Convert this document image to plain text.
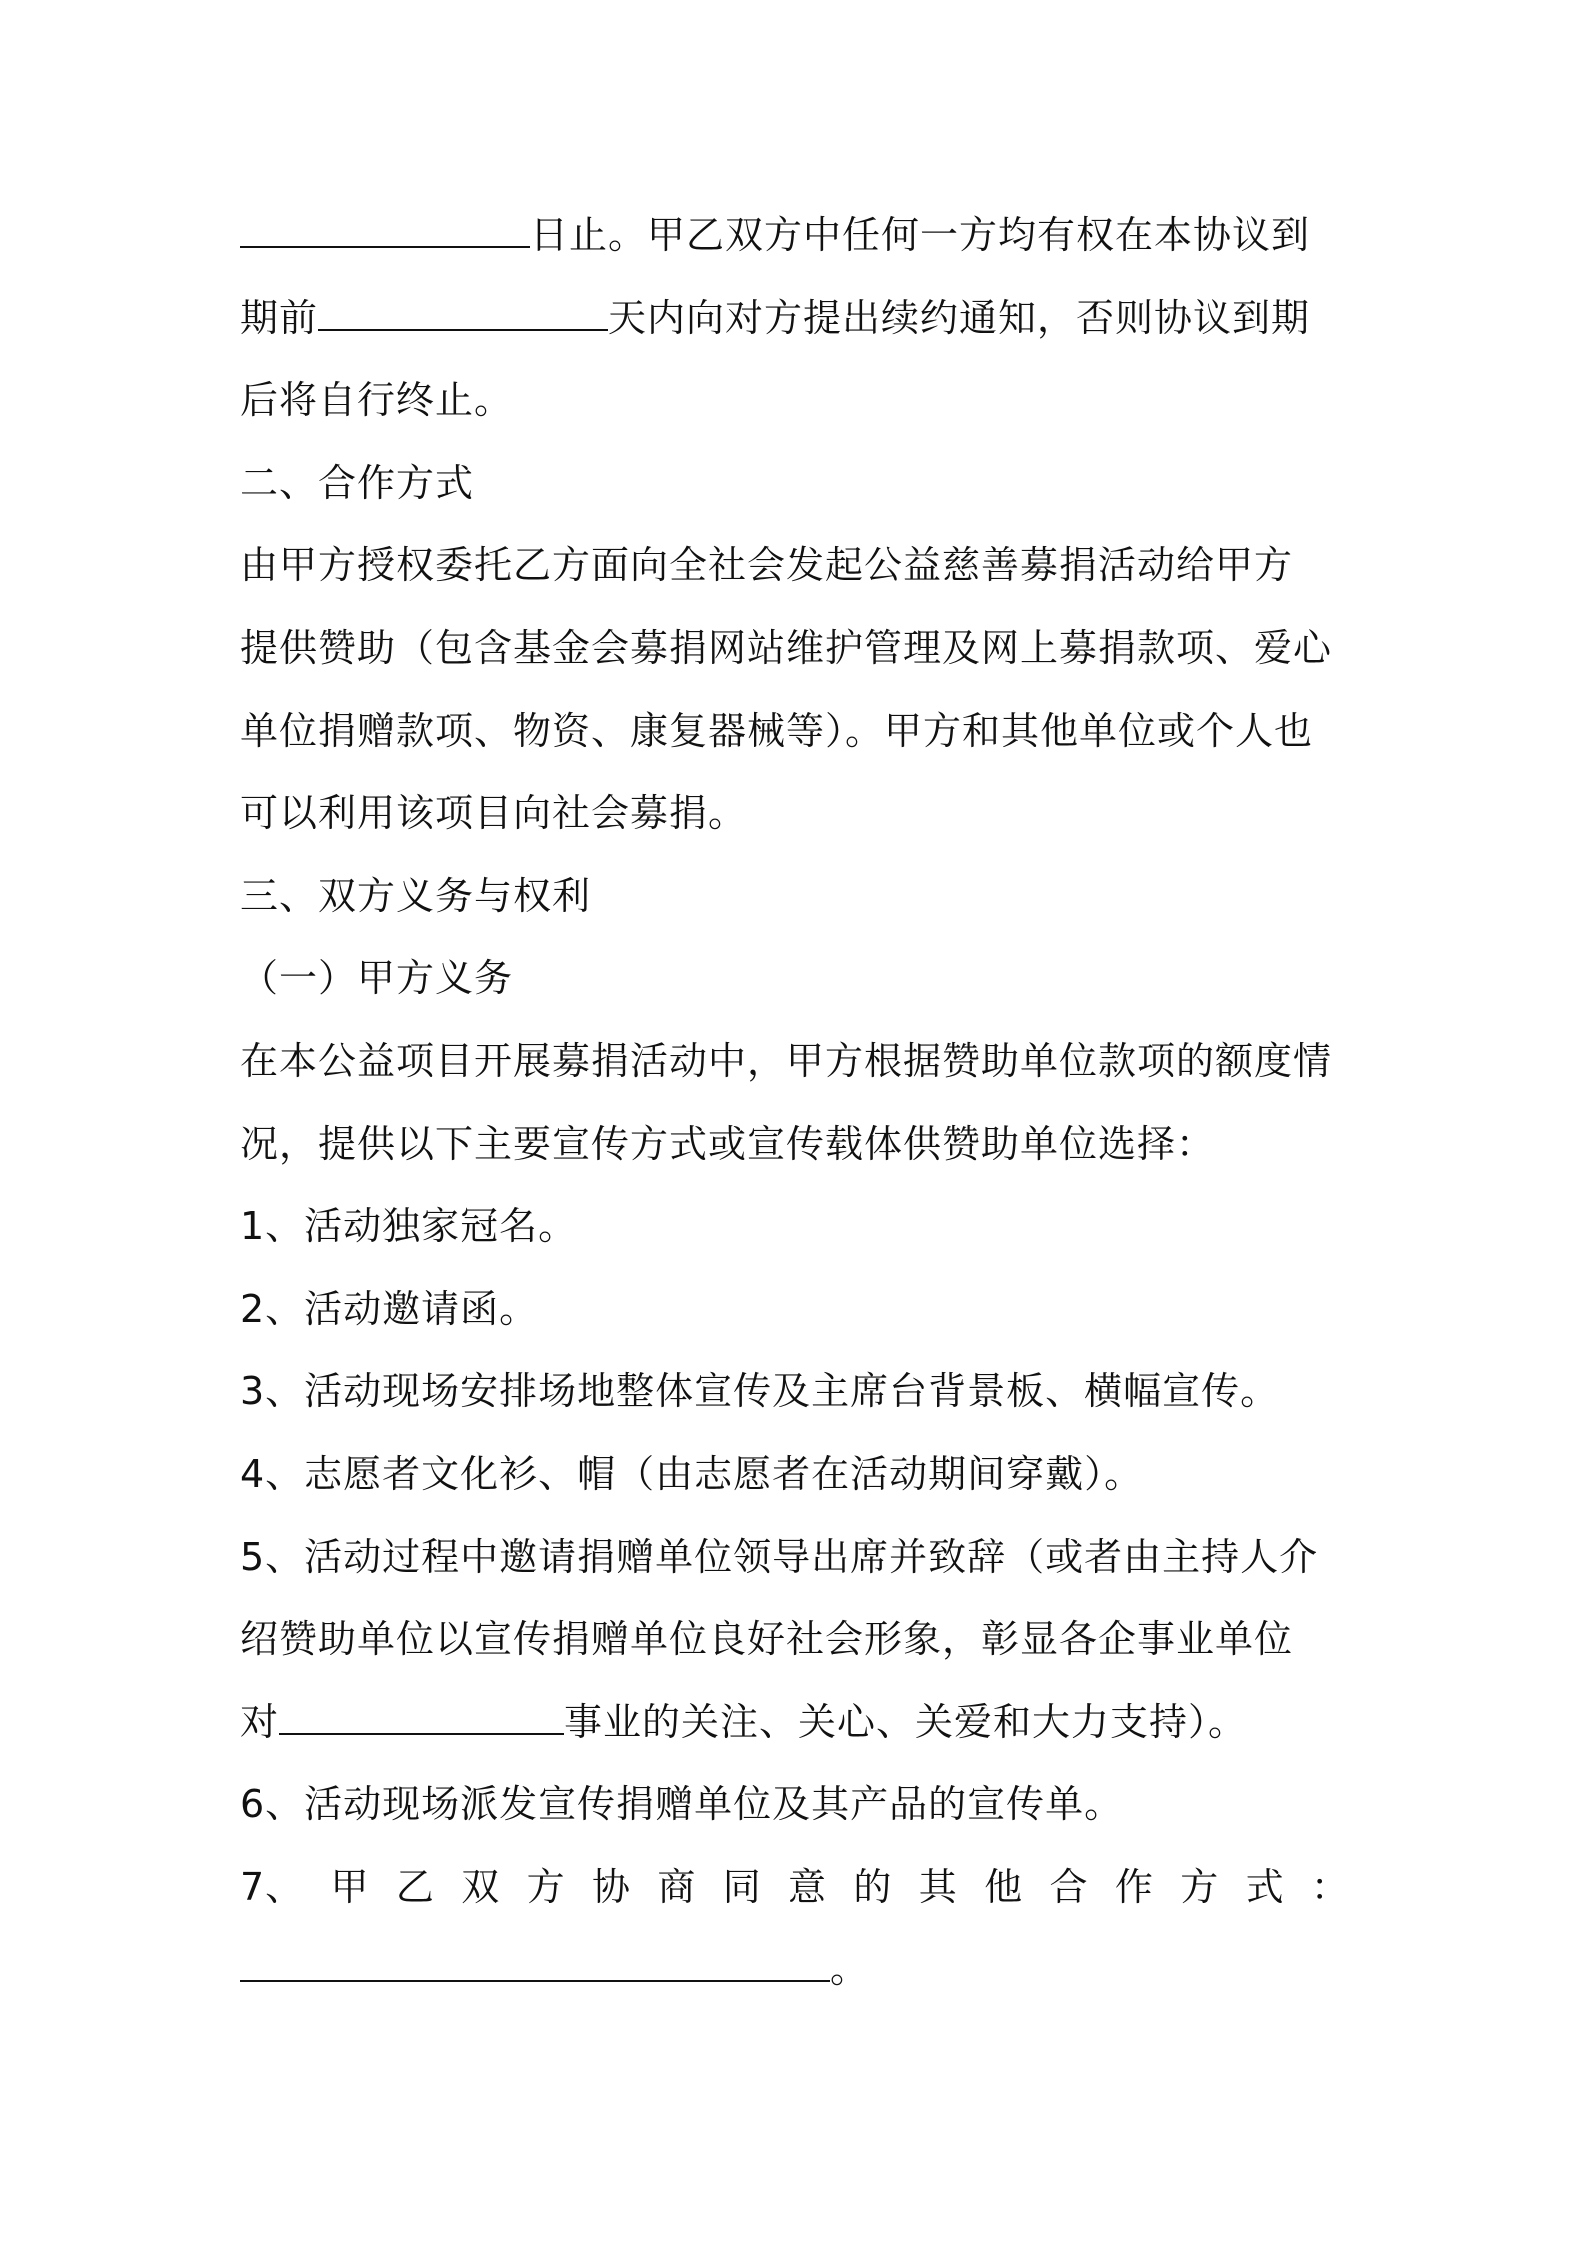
日止。甲乙双方中任何一方均有权在本协议到
期前	天内向对方提出续约通知，否则协议到期
后将自行终止。
二、合作方式
由甲方授权委托乙方面向全社会发起公益慈善募捐活动给甲方
提供赞助（包含基金会募捐网站维护管理及网上募捐款项、爱心
单位捐赠款项、物资、康复器械等）。甲方和其他单位或个人也
可以利用该项目向社会募捐。
三、双方义务与权利
（一）甲方义务
在本公益项目开展募捐活动中，甲方根据赞助单位款项的额度情
况，提供以下主要宣传方式或宣传载体供赞助单位选择：
1、活动独家冠名。
2、活动邀请函。
3、活动现场安排场地整体宣传及主席台背景板、横幅宣传。
4、志愿者文化衫、帽（由志愿者在活动期间穿戴）。
5、活动过程中邀请捐赠单位领导出席并致辞（或者由主持人介
绍赞助单位以宣传捐赠单位良好社会形象，彰显各企事业单位
对	事业的关注、关心、关爱和大力支持）。
6、活动现场派发宣传捐赠单位及其产品的宣传单。
7、 甲 乙 双 方 协 商 同 意 的 其 他 合 作 方 式 ：
。
